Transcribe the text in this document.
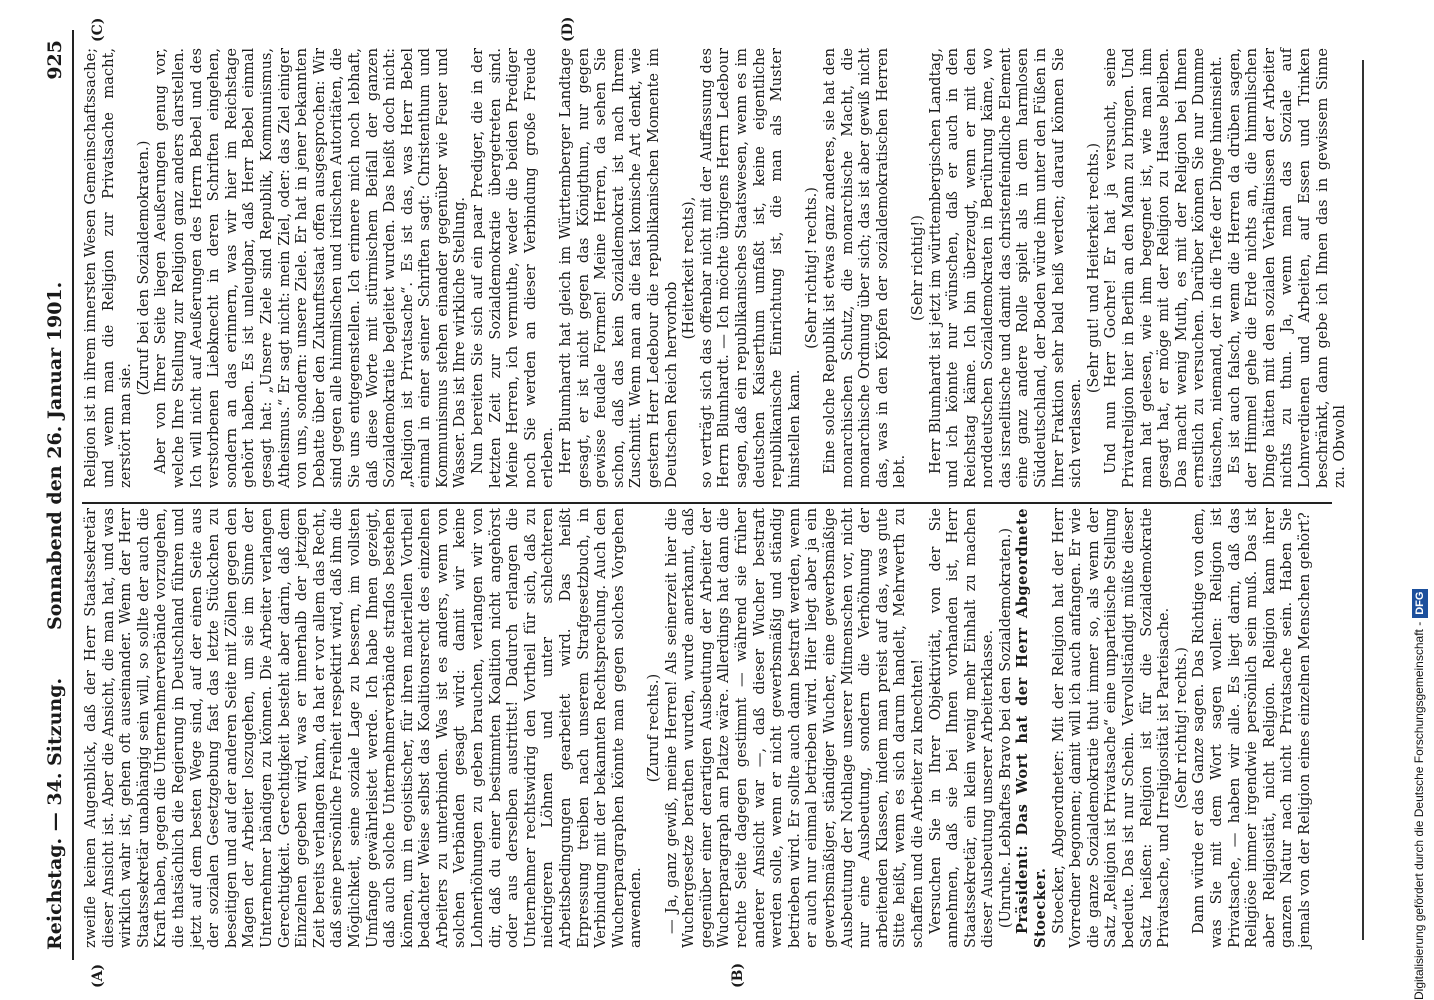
Reichstag. — 34. Sitzung.
Sonnabend den 26. Januar 1901.
925
(A)	(B)
(C)	(D)

zweifle keinen Augenblick, daß der Herr Staatssekretär dieser Ansicht ist. Aber die Ansicht, die man hat, und was wirklich wahr ist, gehen oft auseinander. Wenn der Herr Staatssekretär unabhängig sein will, so sollte der auch die Kraft haben, gegen die Unternehmerverbände vorzugehen, die thatsächlich die Regierung in Deutschland führen und jetzt auf dem besten Wege sind, auf der einen Seite aus der sozialen Gesetzgebung fast das letzte Stückchen zu beseitigen und auf der anderen Seite mit Zöllen gegen den Magen der Arbeiter loszugehen, um sie im Sinne der Unternehmer bändigen zu können. Die Arbeiter verlangen Gerechtigkeit. Gerechtigkeit besteht aber darin, daß dem Einzelnen gegeben wird, was er innerhalb der jetzigen Zeit bereits verlangen kann, da hat er vor allem das Recht, daß seine persönliche Freiheit respektirt wird, daß ihm die Möglichkeit, seine soziale Lage zu bessern, im vollsten Umfange gewährleistet werde. Ich habe Ihnen gezeigt, daß auch solche Unternehmerverbände straflos bestehen können, um in egoistischer, für ihren materiellen Vortheil bedachter Weise selbst das Koalitionsrecht des einzelnen Arbeiters zu unterbinden. Was ist es anders, wenn von solchen Verbänden gesagt wird: damit wir keine Lohnerhöhungen zu geben brauchen, verlangen wir von dir, daß du einer bestimmten Koalition nicht angehörst oder aus derselben austrittst! Dadurch erlangen die Unternehmer rechtswidrig den Vortheil für sich, daß zu niedrigeren Löhnen und unter schlechteren Arbeitsbedingungen gearbeitet wird. Das heißt Erpressung treiben nach unserem Strafgesetzbuch, in Verbindung mit der bekannten Rechtsprechung. Auch den Wucherparagraphen könnte man gegen solches Vorgehen anwenden.

(Zuruf rechts.) — Ja, ganz gewiß, meine Herren! Als seinerzeit hier die Wuchergesetze berathen wurden, wurde anerkannt, daß gegenüber einer derartigen Ausbeutung der Arbeiter der Wucherparagraph am Platze wäre. Allerdings hat dann die rechte Seite dagegen gestimmt — während sie früher anderer Ansicht war —, daß dieser Wucher bestraft werden solle, wenn er nicht gewerbsmäßig und ständig betrieben wird. Er sollte auch dann bestraft werden, wenn er auch nur einmal betrieben wird. Hier liegt aber ja ein gewerbsmäßiger, ständiger Wucher, eine gewerbsmäßige Ausbeutung der Nothlage unserer Mitmenschen vor, nicht nur eine Ausbeutung, sondern die Verhöhnung der arbeitenden Klassen, indem man preist auf das, was gute Sitte heißt, wenn es sich darum handelt, Mehrwerth zu schaffen und die Arbeiter zu knechten! Versuchen Sie in Ihrer Objektivität, von der Sie annehmen, daß sie bei Ihnen vorhanden ist, Herr Staatssekretär, ein klein wenig mehr Einhalt zu machen dieser Ausbeutung unserer Arbeiterklasse. (Unruhe. Lebhaftes Bravo bei den Sozialdemokraten.) Präsident: Das Wort hat der Herr Abgeordnete Stoecker. Stoecker, Abgeordneter: Mit der Religion hat der Herr Vorredner begonnen; damit will ich auch anfangen. Er wie die ganze Sozialdemokratie thut immer so, als wenn der Satz „Religion ist Privatsache“ eine unparteiische Stellung bedeute. Das ist nur Schein. Vervollständigt müßte dieser Satz heißen: Religion ist für die Sozialdemokratie Privatsache, und Irreligiosität ist Parteisache. (Sehr richtig! rechts.) Dann würde er das Ganze sagen. Das Richtige von dem, was Sie mit dem Wort sagen wollen: Religion ist Privatsache, — haben wir alle. Es liegt darin, daß das Religiöse immer irgendwie persönlich sein muß. Das ist aber Religiosität, nicht Religion. Religion kann ihrer ganzen Natur nach nicht Privatsache sein. Haben Sie jemals von der Religion eines einzelnen Menschen gehört?

Religion ist in ihrem innersten Wesen Gemeinschaftssache; und wenn man die Religion zur Privatsache macht, zerstört man sie.

(Zuruf bei den Sozialdemokraten.) Aber von Ihrer Seite liegen Aeußerungen genug vor, welche Ihre Stellung zur Religion ganz anders darstellen. Ich will nicht auf Aeußerungen des Herrn Bebel und des verstorbenen Liebknecht in deren Schriften eingehen, sondern an das erinnern, was wir hier im Reichstage gehört haben. Es ist unleugbar, daß Herr Bebel einmal gesagt hat: „Unsere Ziele sind Republik, Kommunismus, Atheismus.“ Er sagt nicht: mein Ziel, oder: das Ziel einiger von uns, sondern: unsere Ziele. Er hat in jener bekannten Debatte über den Zukunftsstaat offen ausgesprochen: Wir sind gegen alle himmlischen und irdischen Autoritäten, die Sie uns entgegenstellen. Ich erinnere mich noch lebhaft, daß diese Worte mit stürmischem Beifall der ganzen Sozialdemokratie begleitet wurden. Das heißt doch nicht: „Religion ist Privatsache“. Es ist das, was Herr Bebel einmal in einer seiner Schriften sagt: Christenthum und Kommunismus stehen einander gegenüber wie Feuer und Wasser. Das ist Ihre wirkliche Stellung. Nun bereiten Sie sich auf ein paar Prediger, die in der letzten Zeit zur Sozialdemokratie übergetreten sind. Meine Herren, ich vermuthe, weder die beiden Prediger noch Sie werden an dieser Verbindung große Freude erleben. Herr Blumhardt hat gleich im Württemberger Landtage gesagt, er ist nicht gegen das Königthum, nur gegen gewisse feudale Formen! Meine Herren, da sehen Sie schon, daß das kein Sozialdemokrat ist nach Ihrem Zuschnitt. Wenn man an die fast komische Art denkt, wie gestern Herr Ledebour die republikanischen Momente im Deutschen Reich hervorhob

(Heiterkeit rechts), so verträgt sich das offenbar nicht mit der Auffassung des Herrn Blumhardt. — Ich möchte übrigens Herrn Ledebour sagen, daß ein republikanisches Staatswesen, wenn es im deutschen Kaiserthum umfaßt ist, keine eigentliche republikanische Einrichtung ist, die man als Muster hinstellen kann.

(Sehr richtig! rechts.) Eine solche Republik ist etwas ganz anderes, sie hat den monarchischen Schutz, die monarchische Macht, die monarchische Ordnung über sich; das ist aber gewiß nicht das, was in den Köpfen der sozialdemokratischen Herren lebt.

(Sehr richtig!) Herr Blumhardt ist jetzt im württembergischen Landtag, und ich könnte nur wünschen, daß er auch in den Reichstag käme. Ich bin überzeugt, wenn er mit den norddeutschen Sozialdemokraten in Berührung käme, wo das israelitische und damit das christenfeindliche Element eine ganz andere Rolle spielt als in dem harmlosen Süddeutschland, der Boden würde ihm unter den Füßen in Ihrer Fraktion sehr bald heiß werden; darauf können Sie sich verlassen.

(Sehr gut! und Heiterkeit rechts.) Und nun Herr Gochre! Er hat ja versucht, seine Privatreligion hier in Berlin an den Mann zu bringen. Und man hat gelesen, wie ihm begegnet ist, wie man ihm gesagt hat, er möge mit der Religion zu Hause bleiben. Das macht wenig Muth, es mit der Religion bei Ihnen ernstlich zu versuchen. Darüber können Sie nur Dumme täuschen, niemand, der in die Tiefe der Dinge hineinsieht. Es ist auch falsch, wenn die Herren da drüben sagen, der Himmel gehe die Erde nichts an, die himmlischen Dinge hätten mit den sozialen Verhältnissen der Arbeiter nichts zu thun. Ja, wenn man das Soziale auf Lohnverdienen und Arbeiten, auf Essen und Trinken beschränkt, dann gebe ich Ihnen das in gewissem Sinne zu. Obwohl

Digitalisierung gefördert durch die Deutsche Forschungsgemeinschaft -DFG
